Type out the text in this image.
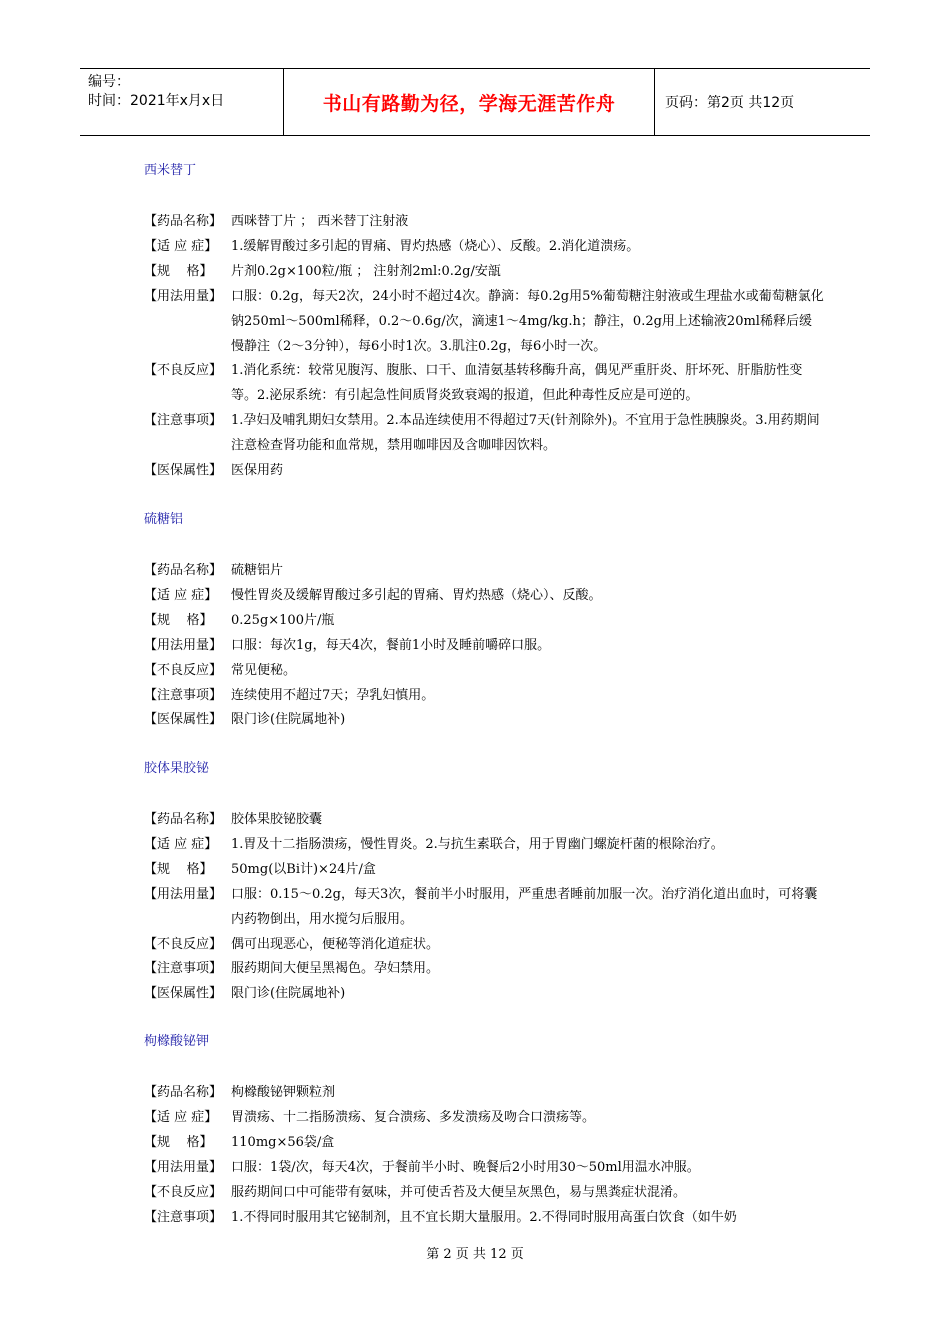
编号：
时间：2021年x月x日	书山有路勤为径，学海无涯苦作舟	页码：第2页 共12页
西米替丁
【药品名称】 西咪替丁片 ； 西米替丁注射液
【适 应 症】	1.缓解胃酸过多引起的胃痛、胃灼热感（烧心）、反酸。2.消化道溃疡。
【规    格】	片剂0.2g×100粒/瓶 ； 注射剂2ml:0.2g/安瓿
【用法用量】 口服：0.2g，每天2次，24小时不超过4次。静滴：每0.2g用5%葡萄糖注射液或生理盐水或葡萄糖氯化钠250ml～500ml稀释，0.2～0.6g/次，滴速1～4mg/kg.h；静注，0.2g用上述输液20ml稀释后缓慢静注（2～3分钟），每6小时1次。3.肌注0.2g，每6小时一次。
【不良反应】 1.消化系统：较常见腹泻、腹胀、口干、血清氨基转移酶升高，偶见严重肝炎、肝坏死、肝脂肪性变等。2.泌尿系统：有引起急性间质肾炎致衰竭的报道，但此种毒性反应是可逆的。
【注意事项】 1.孕妇及哺乳期妇女禁用。2.本品连续使用不得超过7天(针剂除外)。不宜用于急性胰腺炎。3.用药期间注意检查肾功能和血常规，禁用咖啡因及含咖啡因饮料。
【医保属性】 医保用药
硫糖铝
【药品名称】 硫糖铝片
【适 应 症】	慢性胃炎及缓解胃酸过多引起的胃痛、胃灼热感（烧心）、反酸。
【规    格】	0.25g×100片/瓶
【用法用量】 口服：每次1g，每天4次，餐前1小时及睡前嚼碎口服。
【不良反应】 常见便秘。
【注意事项】 连续使用不超过7天；孕乳妇慎用。
【医保属性】 限门诊(住院属地补)
胶体果胶铋
【药品名称】 胶体果胶铋胶囊
【适 应 症】	1.胃及十二指肠溃疡，慢性胃炎。2.与抗生素联合，用于胃幽门螺旋杆菌的根除治疗。
【规    格】	50mg(以Bi计)×24片/盒
【用法用量】 口服：0.15～0.2g，每天3次，餐前半小时服用，严重患者睡前加服一次。治疗消化道出血时，可将囊内药物倒出，用水搅匀后服用。
【不良反应】 偶可出现恶心，便秘等消化道症状。
【注意事项】 服药期间大便呈黑褐色。孕妇禁用。
【医保属性】 限门诊(住院属地补)
枸橼酸铋钾
【药品名称】 枸橼酸铋钾颗粒剂
【适 应 症】	胃溃疡、十二指肠溃疡、复合溃疡、多发溃疡及吻合口溃疡等。
【规    格】	110mg×56袋/盒
【用法用量】 口服：1袋/次，每天4次，于餐前半小时、晚餐后2小时用30～50ml用温水冲服。
【不良反应】 服药期间口中可能带有氨味，并可使舌苔及大便呈灰黑色，易与黑粪症状混淆。
【注意事项】 1.不得同时服用其它铋制剂，且不宜长期大量服用。2.不得同时服用高蛋白饮食（如牛奶
第 2 页 共 12 页
